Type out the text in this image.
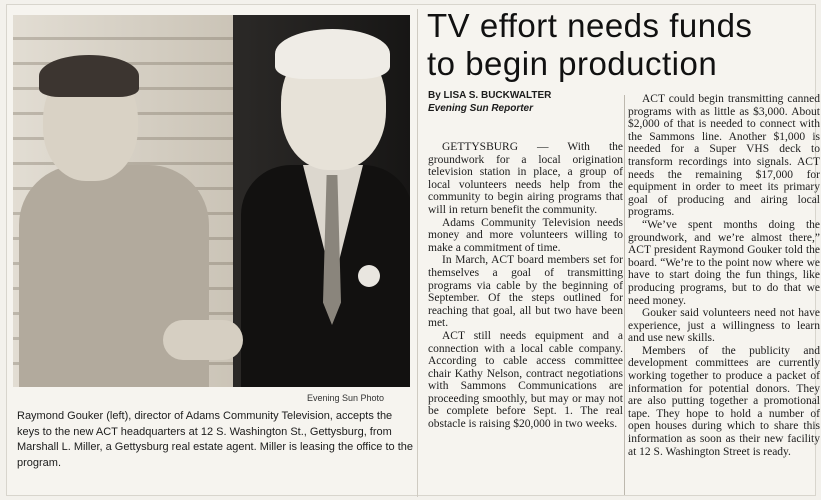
Evening Sun Photo
Raymond Gouker (left), director of Adams Community Television, accepts the keys to the new ACT headquarters at 12 S. Washington St., Gettysburg, from Marshall L. Miller, a Gettysburg real estate agent. Miller is leasing the office to the program.
TV effort needs funds
to begin production
By LISA S. BUCKWALTER
Evening Sun Reporter

GETTYSBURG — With the groundwork for a local origination television station in place, a group of local volunteers needs help from the community to begin airing programs that will in return benefit the community.

Adams Community Television needs money and more volunteers willing to make a commitment of time.

In March, ACT board members set for themselves a goal of transmitting programs via cable by the beginning of September. Of the steps outlined for reaching that goal, all but two have been met.

ACT still needs equipment and a connection with a local cable company. According to cable access committee chair Kathy Nelson, contract negotiations with Sammons Communications are proceeding smoothly, but may or may not be complete before Sept. 1. The real obstacle is raising $20,000 in two weeks.

ACT could begin transmitting canned programs with as little as $3,000. About $2,000 of that is needed to connect with the Sammons line. Another $1,000 is needed for a Super VHS deck to transform recordings into signals. ACT needs the remaining $17,000 for equipment in order to meet its primary goal of producing and airing local programs.

“We’ve spent months doing the groundwork, and we’re almost there,” ACT president Raymond Gouker told the board. “We’re to the point now where we have to start doing the fun things, like producing programs, but to do that we need money.

Gouker said volunteers need not have experience, just a willingness to learn and use new skills.

Members of the publicity and development committees are currently working together to produce a packet of information for potential donors. They are also putting together a promotional tape. They hope to hold a number of open houses during which to share this information as soon as their new facility at 12 S. Washington Street is ready.
